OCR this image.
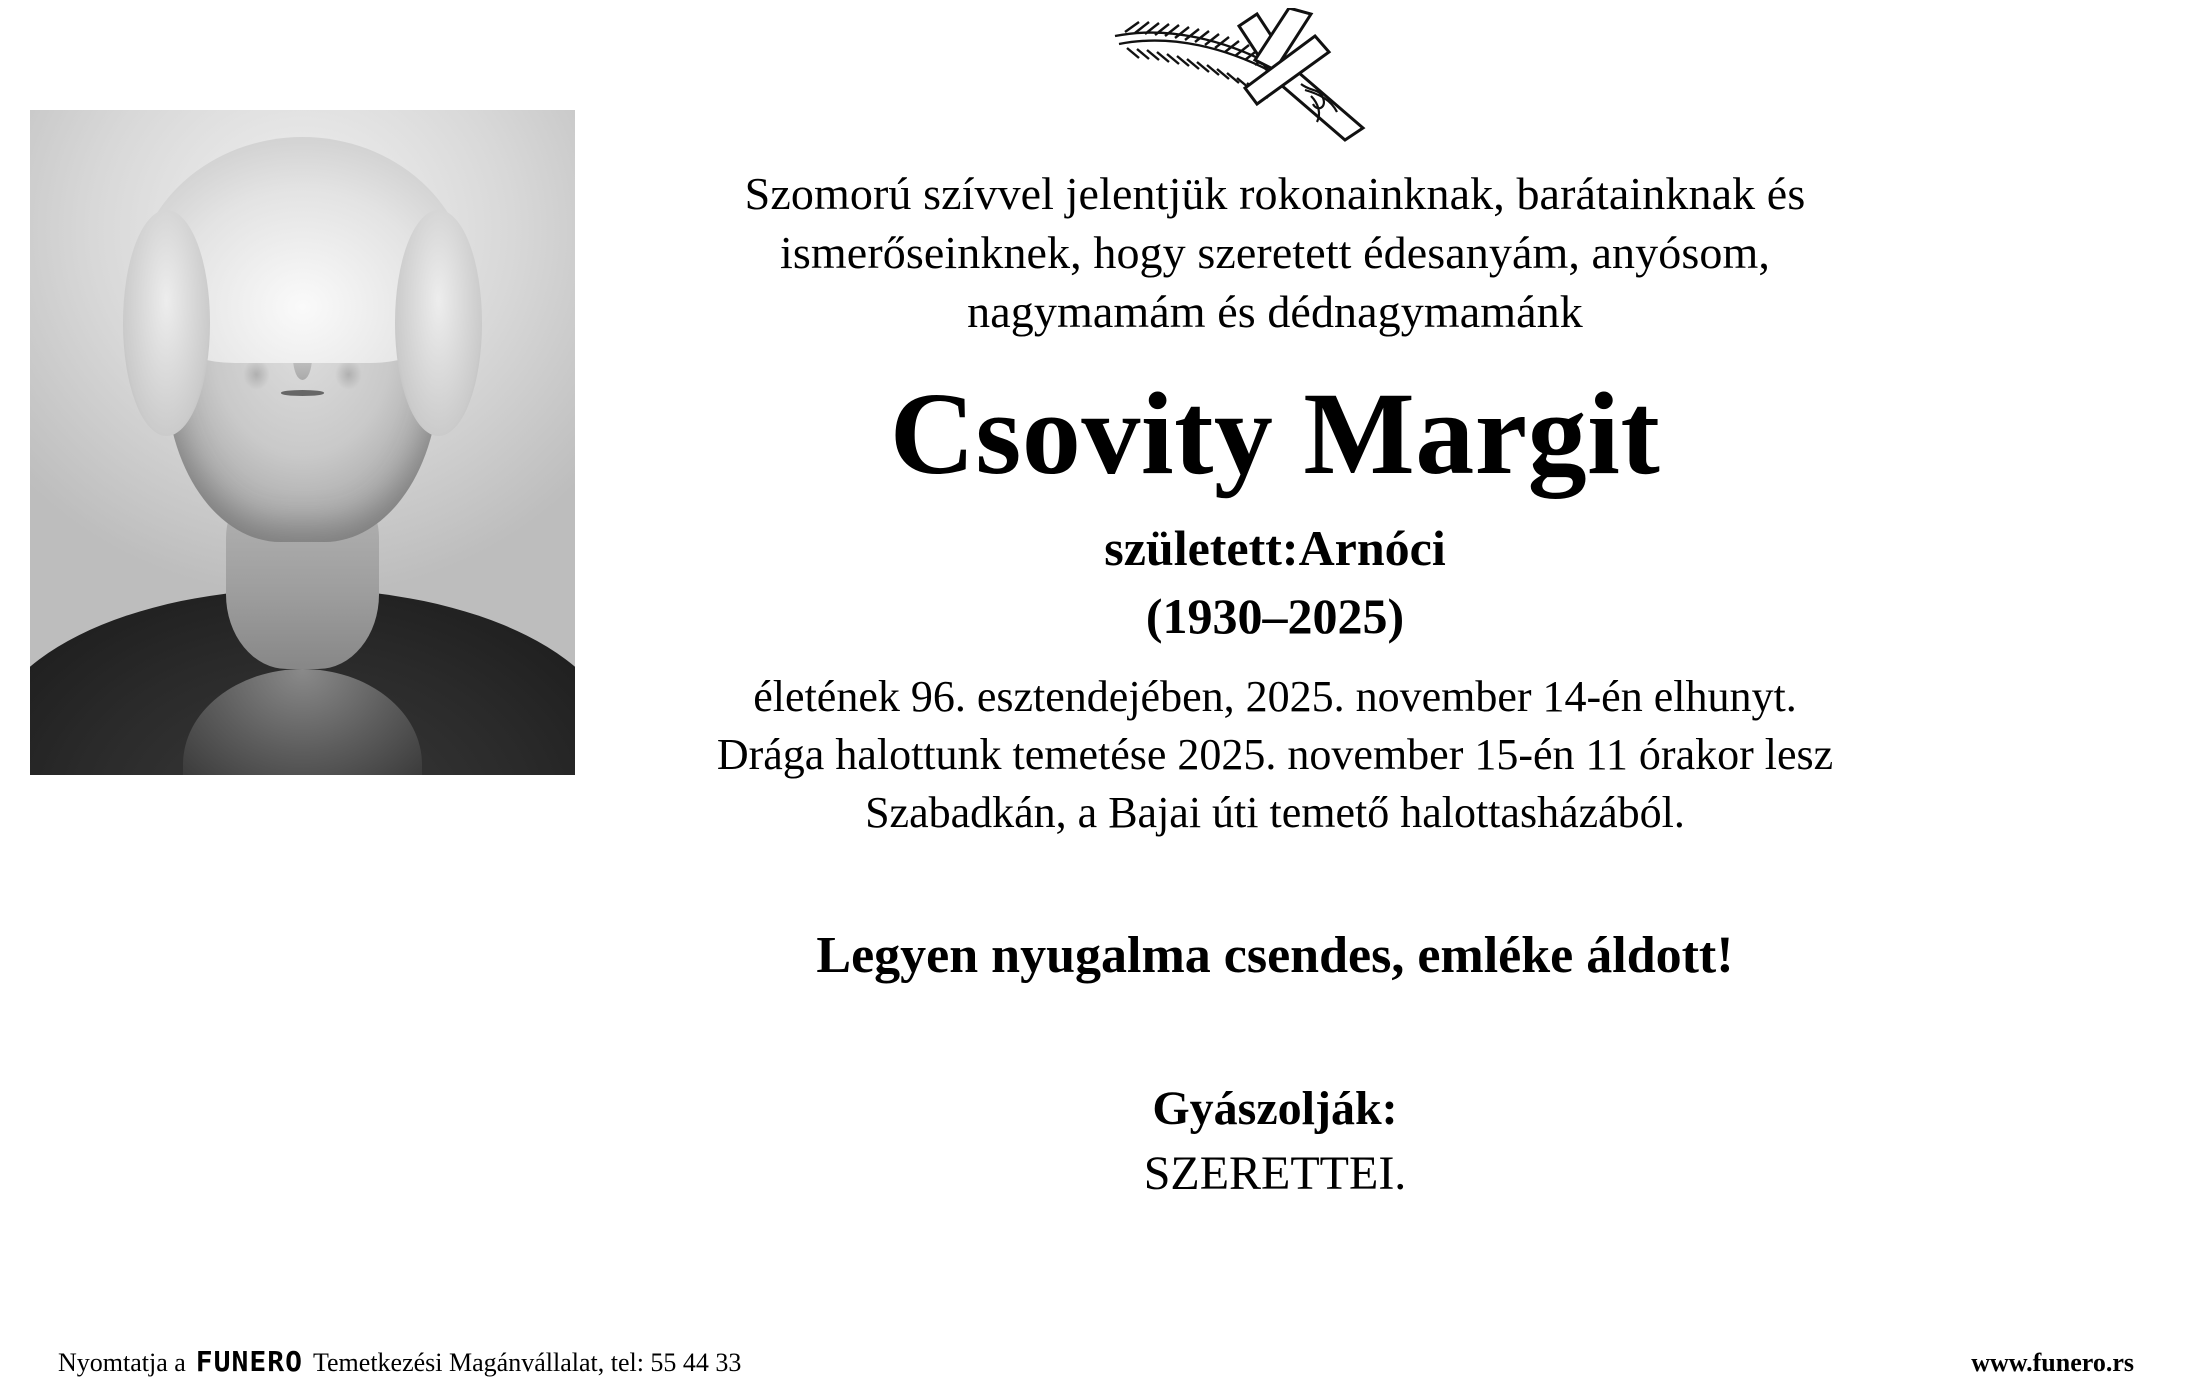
Szomorú szívvel jelentjük rokonainknak, barátainknak és
ismerőseinknek, hogy szeretett édesanyám, anyósom,
nagymamám és dédnagymamánk
Csovity Margit
született:Arnóci
(1930–2025)
életének 96. esztendejében, 2025. november 14-én elhunyt.
Drága halottunk temetése 2025. november 15-én 11 órakor lesz
Szabadkán, a Bajai úti temető halottasházából.
Legyen nyugalma csendes, emléke áldott!
Gyászolják:
SZERETTEI.
Nyomtatja a FUNERO Temetkezési Magánvállalat, tel: 55 44 33	www.funero.rs
